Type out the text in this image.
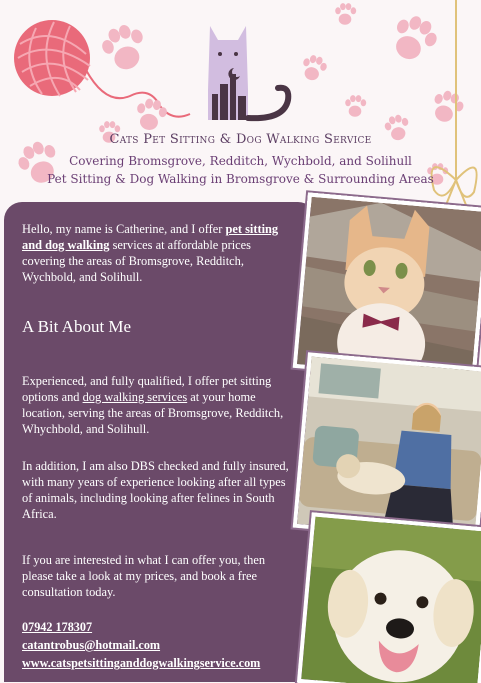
Cats Pet Sitting & Dog Walking Service
Covering Bromsgrove, Redditch, Wychbold, and Solihull
Pet Sitting & Dog Walking in Bromsgrove & Surrounding Areas
Hello, my name is Catherine, and I offer pet sitting and dog walking services at affordable prices covering the areas of Bromsgrove, Redditch, Wychbold, and Solihull.
A Bit About Me
Experienced, and fully qualified, I offer pet sitting options and dog walking services at your home location, serving the areas of Bromsgrove, Redditch, Whychbold, and Solihull.
In addition, I am also DBS checked and fully insured, with many years of experience looking after all types of animals, including looking after felines in South Africa.
If you are interested in what I can offer you, then please take a look at my prices, and book a free consultation today.
07942 178307
catantrobus@hotmail.com
www.catspetsittinganddogwalkingservice.com
